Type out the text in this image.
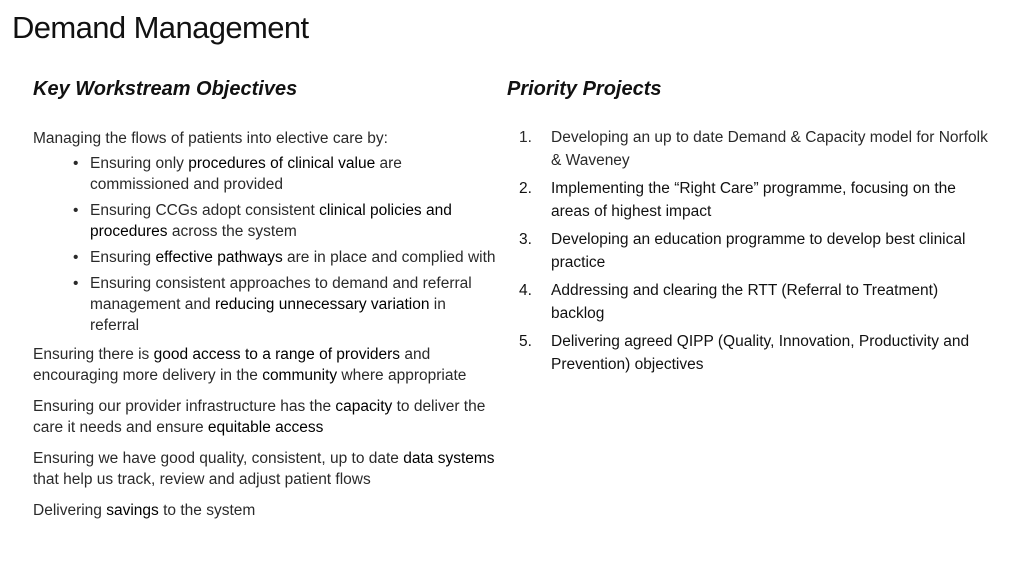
Demand Management
Key Workstream Objectives	Priority Projects

Managing the flows of patients into elective care by:

• Ensuring only procedures of clinical value are commissioned and provided
• Ensuring CCGs adopt consistent clinical policies and procedures across the system
• Ensuring effective pathways are in place and complied with
• Ensuring consistent approaches to demand and referral management and reducing unnecessary variation in referral

Ensuring there is good access to a range of providers and encouraging more delivery in the community where appropriate

Ensuring our provider infrastructure has the capacity to deliver the care it needs and ensure equitable access

Ensuring we have good quality, consistent, up to date data systems that help us track, review and adjust patient flows

Delivering savings to the system

1. Developing an up to date Demand & Capacity model for Norfolk & Waveney
2. Implementing the “Right Care” programme, focusing on the areas of highest impact
3. Developing an education programme to develop best clinical practice
4. Addressing and clearing the RTT (Referral to Treatment) backlog
5. Delivering agreed QIPP (Quality, Innovation, Productivity and Prevention) objectives
